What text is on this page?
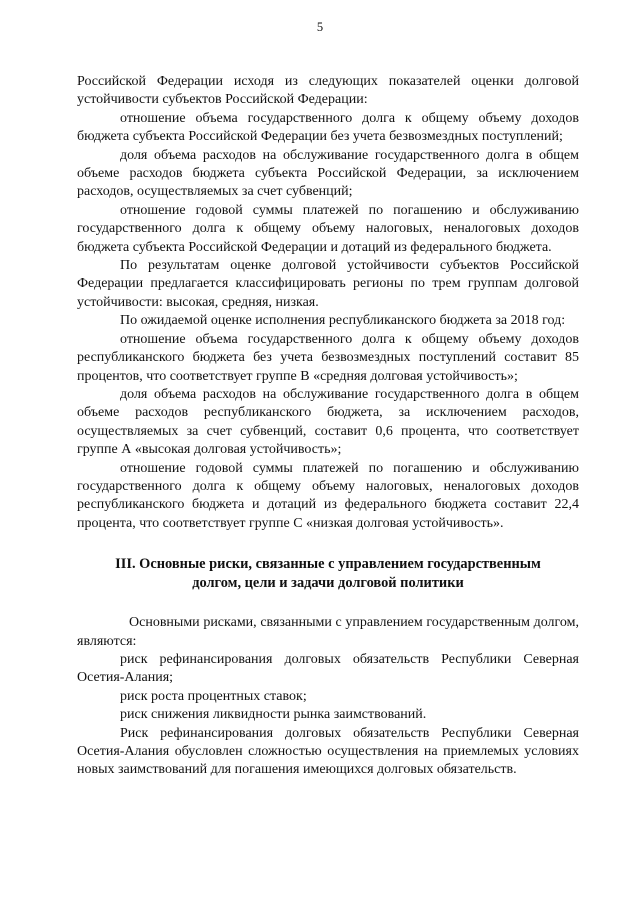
5

Российской Федерации исходя из следующих показателей оценки долговой устойчивости субъектов Российской Федерации:

отношение объема государственного долга к общему объему доходов бюджета субъекта Российской Федерации без учета безвозмездных поступлений;

доля объема расходов на обслуживание государственного долга в общем объеме расходов бюджета субъекта Российской Федерации, за исключением расходов, осуществляемых за счет субвенций;

отношение годовой суммы платежей по погашению и обслуживанию государственного долга к общему объему налоговых, неналоговых доходов бюджета субъекта Российской Федерации и дотаций из федерального бюджета.

По результатам оценке долговой устойчивости субъектов Российской Федерации предлагается классифицировать регионы по трем группам долговой устойчивости: высокая, средняя, низкая.

По ожидаемой оценке исполнения республиканского бюджета за 2018 год:

отношение объема государственного долга к общему объему доходов республиканского бюджета без учета безвозмездных поступлений составит 85 процентов, что соответствует группе В «средняя долговая устойчивость»;

доля объема расходов на обслуживание государственного долга в общем объеме расходов республиканского бюджета, за исключением расходов, осуществляемых за счет субвенций, составит 0,6 процента, что соответствует группе А «высокая долговая устойчивость»;

отношение годовой суммы платежей по погашению и обслуживанию государственного долга к общему объему налоговых, неналоговых доходов республиканского бюджета и дотаций из федерального бюджета составит 22,4 процента, что соответствует группе С «низкая долговая устойчивость».

III. Основные риски, связанные с управлением государственным
долгом, цели и задачи долговой политики

Основными рисками, связанными с управлением государственным долгом, являются:

риск рефинансирования долговых обязательств Республики Северная Осетия-Алания;

риск роста процентных ставок;

риск снижения ликвидности рынка заимствований.

Риск рефинансирования долговых обязательств Республики Северная Осетия-Алания обусловлен сложностью осуществления на приемлемых условиях новых заимствований для погашения имеющихся долговых обязательств.
